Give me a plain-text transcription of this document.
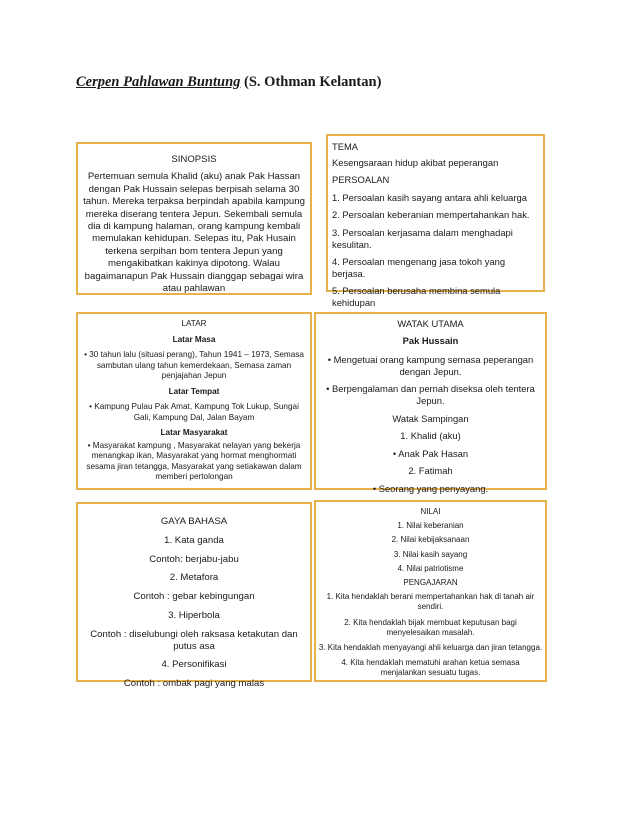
Cerpen Pahlawan Buntung (S. Othman Kelantan)

SINOPSIS

Pertemuan semula Khalid (aku) anak Pak Hassan dengan Pak Hussain selepas berpisah selama 30 tahun. Mereka terpaksa berpindah apabila kampung mereka diserang tentera Jepun. Sekembali semula dia di kampung halaman, orang kampung kembali memulakan kehidupan. Selepas itu, Pak Husain terkena serpihan bom tentera Jepun yang mengakibatkan kakinya dipotong. Walau bagaimanapun Pak Hussain dianggap sebagai wira atau pahlawan

TEMA

Kesengsaraan hidup akibat peperangan

PERSOALAN

1. Persoalan kasih sayang antara ahli keluarga

2. Persoalan keberanian mempertahankan hak.

3. Persoalan kerjasama dalam menghadapi kesulitan.

4. Persoalan mengenang jasa tokoh yang berjasa.

5. Persoalan berusaha membina semula kehidupan

LATAR

Latar Masa

• 30 tahun lalu (situasi perang), Tahun 1941 – 1973, Semasa sambutan ulang tahun kemerdekaan, Semasa zaman penjajahan Jepun

Latar Tempat

• Kampung Pulau Pak Amat, Kampung Tok Lukup, Sungai Gali, Kampung Dal, Jalan Bayam

Latar Masyarakat

• Masyarakat kampung , Masyarakat nelayan yang bekerja menangkap ikan, Masyarakat yang hormat menghormati sesama jiran tetangga, Masyarakat yang setiakawan dalam memberi pertolongan

WATAK UTAMA

Pak Hussain

• Mengetuai orang kampung semasa peperangan dengan Jepun.

• Berpengalaman dan pernah diseksa oleh tentera Jepun.

Watak Sampingan

1. Khalid (aku)

• Anak Pak Hasan

2. Fatimah

• Seorang yang penyayang.

GAYA BAHASA

1. Kata ganda

Contoh: berjabu-jabu

2. Metafora

Contoh : gebar kebingungan

3. Hiperbola

Contoh : diselubungi oleh raksasa ketakutan dan putus asa

4. Personifikasi

Contoh : ombak pagi yang malas

NILAI

1. Nilai keberanian

2. Nilai kebijaksanaan

3. Nilai kasih sayang

4. Nilai patriotisme

PENGAJARAN

1. Kita hendaklah berani mempertahankan hak di tanah air sendiri.

2. Kita hendaklah bijak membuat keputusan bagi menyelesaikan masalah.

3. Kita hendaklah menyayangi ahli keluarga dan jiran tetangga.

4. Kita hendaklah mematuhi arahan ketua semasa menjalankan sesuatu tugas.
